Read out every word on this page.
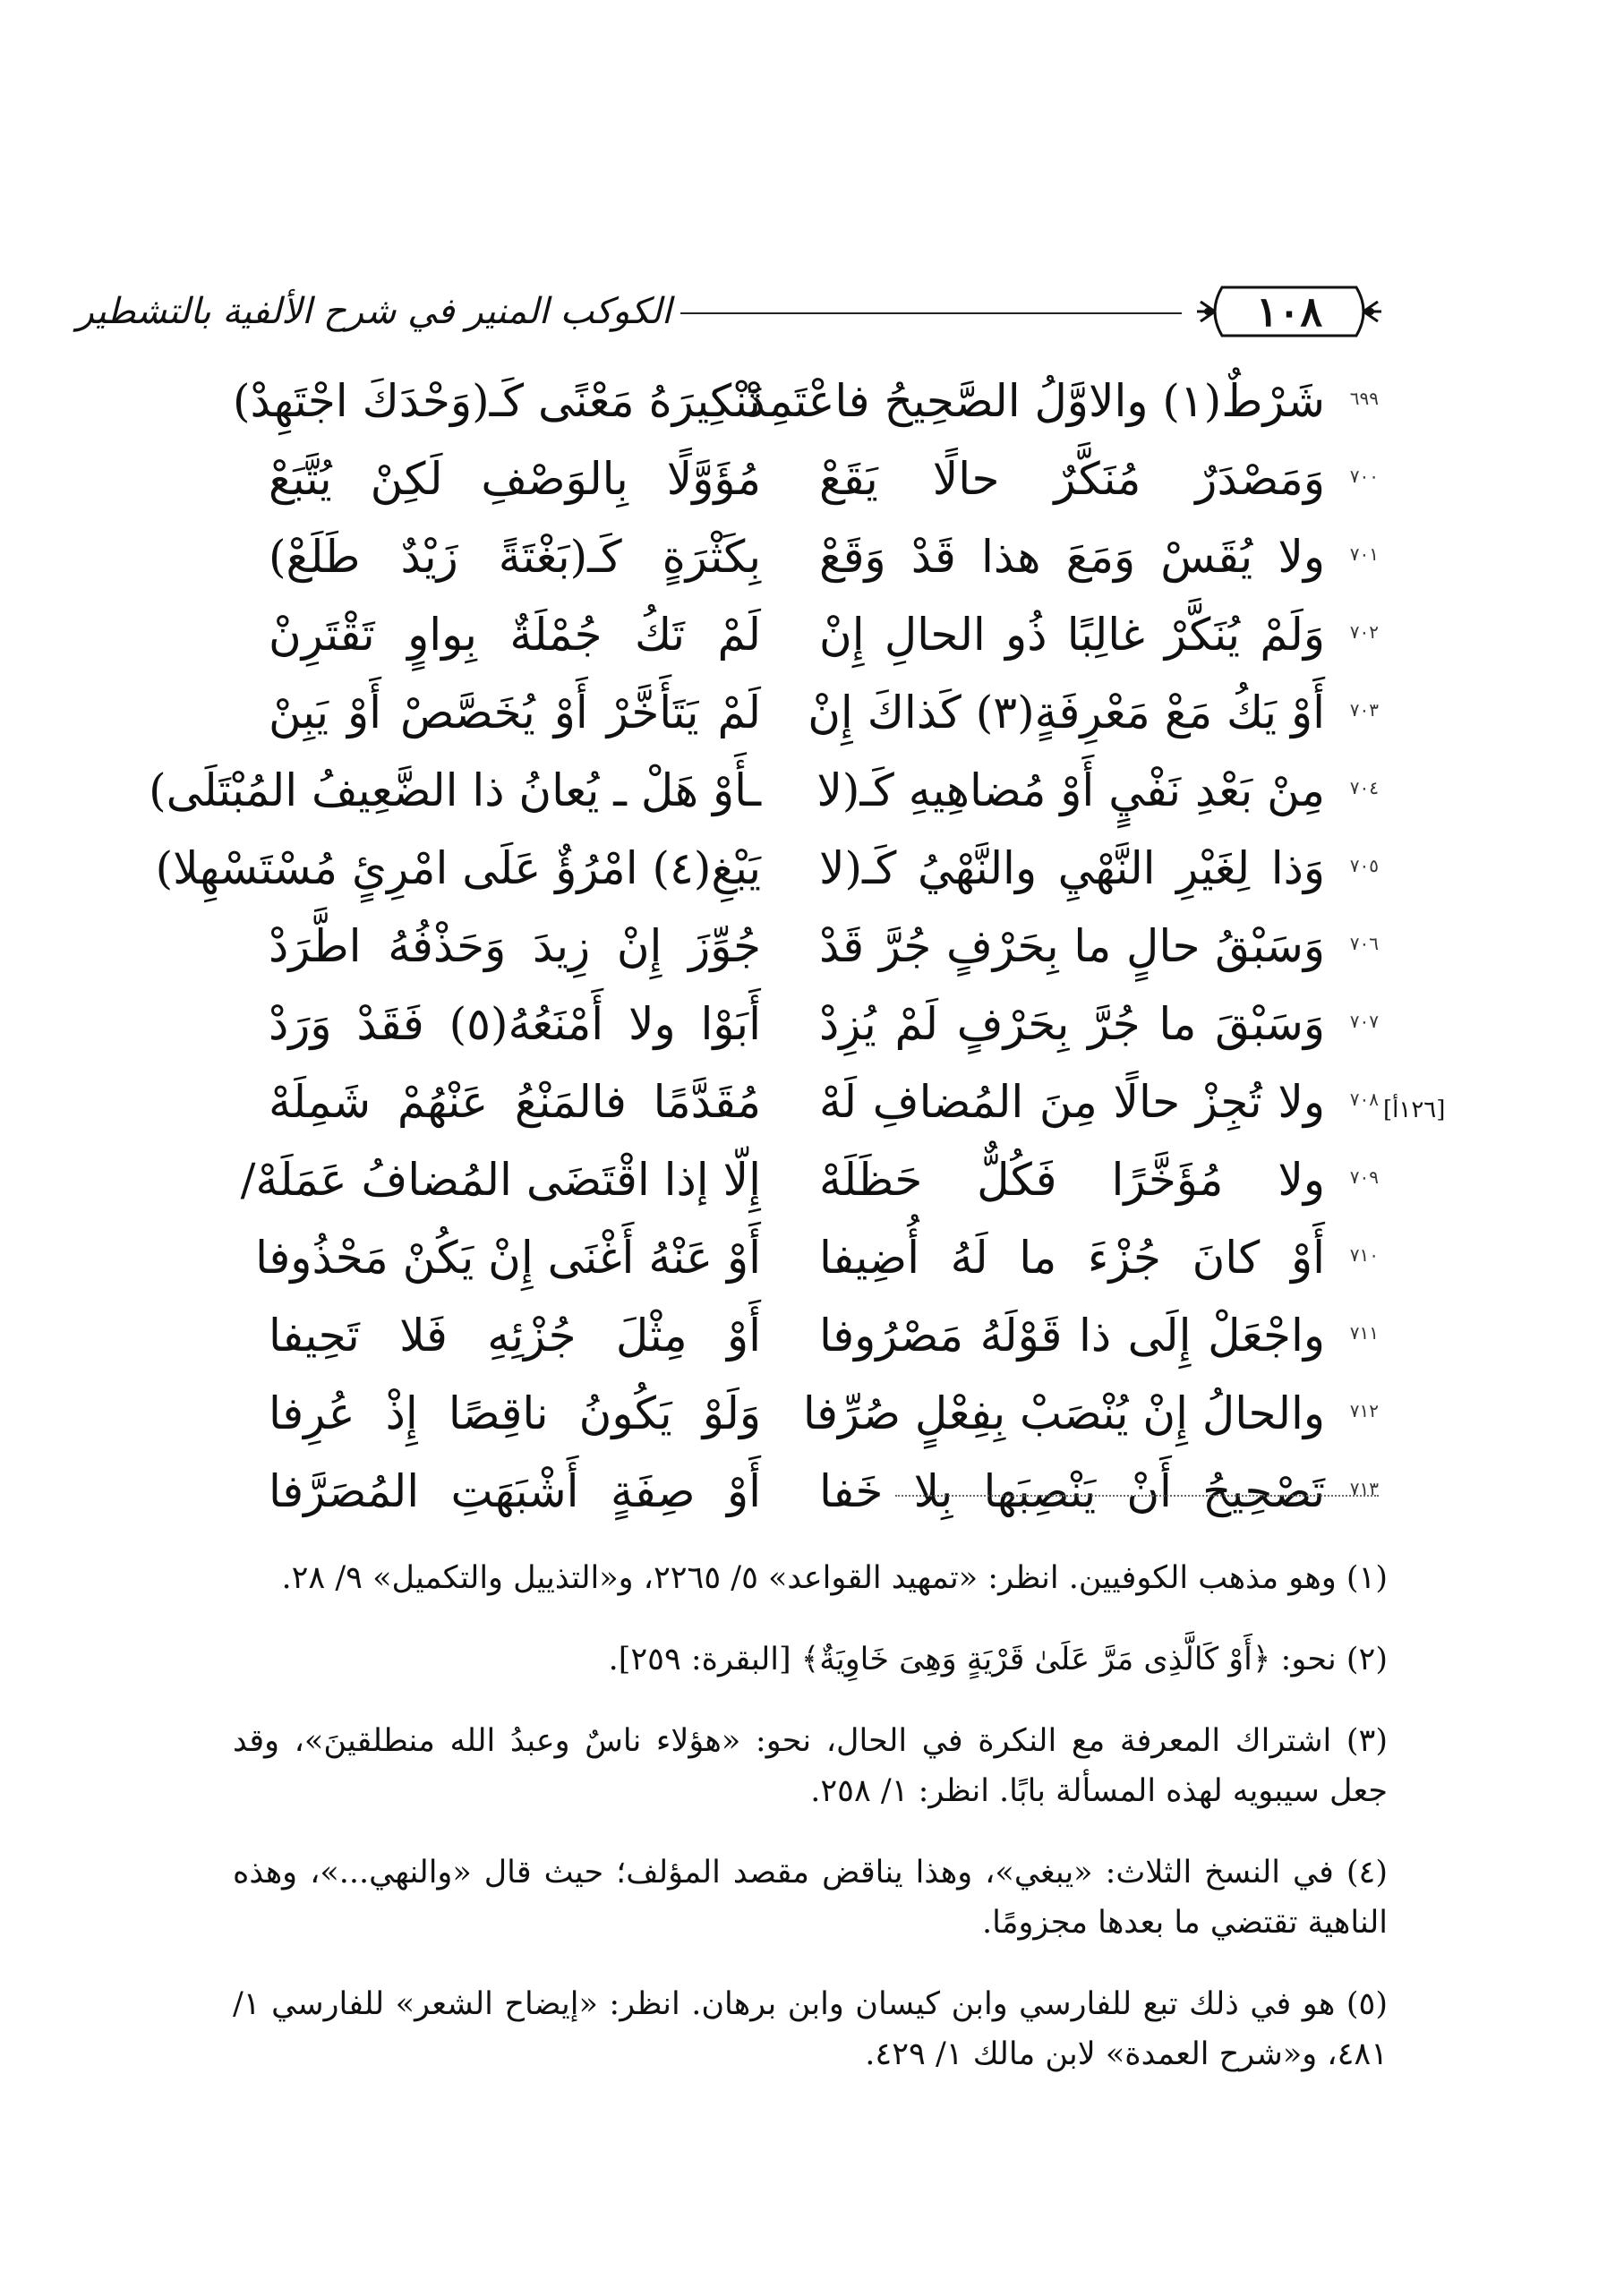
١٠٨
الكوكب المنير في شرح الألفية بالتشطير
٦٩٩
شَرْطٌ(١) والاوَّلُ الصَّحِيحُ فاعْتَمِدْ
تَنْكِيرَهُ مَعْنًى كَـ(وَحْدَكَ اجْتَهِدْ)
٧٠٠
وَمَصْدَرٌ مُنَكَّرٌ حالًا يَقَعْ
مُؤَوَّلًا بِالوَصْفِ لَكِنْ يُتَّبَعْ
٧٠١
ولا يُقَسْ وَمَعَ هذا قَدْ وَقَعْ
بِكَثْرَةٍ كَـ(بَغْتَةً زَيْدٌ طَلَعْ)
٧٠٢
وَلَمْ يُنَكَّرْ غالِبًا ذُو الحالِ إِنْ
لَمْ تَكُ جُمْلَةٌ بِواوٍ تَقْتَرِنْ
٧٠٣
أَوْ يَكُ مَعْ مَعْرِفَةٍ(٣) كَذاكَ إِنْ
لَمْ يَتَأَخَّرْ أَوْ يُخَصَّصْ أَوْ يَبِنْ
٧٠٤
مِنْ بَعْدِ نَفْيٍ أَوْ مُضاهِيهِ كَـ(لا
ـأَوْ هَلْ ـ يُعانُ ذا الضَّعِيفُ المُبْتَلَى)
٧٠٥
وَذا لِغَيْرِ النَّهْيِ والنَّهْيُ كَـ(لا
يَبْغِ(٤) امْرُؤٌ عَلَى امْرِئٍ مُسْتَسْهِلا)
٧٠٦
وَسَبْقُ حالٍ ما بِحَرْفٍ جُرَّ قَدْ
جُوِّزَ إِنْ زِيدَ وَحَذْفُهُ اطَّرَدْ
٧٠٧
وَسَبْقَ ما جُرَّ بِحَرْفٍ لَمْ يُزِدْ
أَبَوْا ولا أَمْنَعُهُ(٥) فَقَدْ وَرَدْ
٧٠٨
ولا تُجِزْ حالًا مِنَ المُضافِ لَهْ
مُقَدَّمًا فالمَنْعُ عَنْهُمْ شَمِلَهْ
٧٠٩
ولا مُؤَخَّرًا فَكُلٌّ حَظَلَهْ
إِلّا إذا اقْتَضَى المُضافُ عَمَلَهْ/
٧١٠
أَوْ كانَ جُزْءَ ما لَهُ أُضِيفا
أَوْ عَنْهُ أَغْنَى إِنْ يَكُنْ مَحْذُوفا
٧١١
واجْعَلْ إِلَى ذا قَوْلَهُ مَصْرُوفا
أَوْ مِثْلَ جُزْئِهِ فَلا تَحِيفا
٧١٢
والحالُ إِنْ يُنْصَبْ بِفِعْلٍ صُرِّفا
وَلَوْ يَكُونُ ناقِصًا إِذْ عُرِفا
٧١٣
تَصْحِيحُ أَنْ يَنْصِبَها بِلا خَفا
أَوْ صِفَةٍ أَشْبَهَتِ المُصَرَّفا
[١٢٦أ]

(١) وهو مذهب الكوفيين. انظر: «تمهيد القواعد» ٥/ ٢٢٦٥، و«التذييل والتكميل» ٩/ ٢٨.

(٢) نحو: ﴿أَوْ كَالَّذِى مَرَّ عَلَىٰ قَرْيَةٍ وَهِىَ خَاوِيَةٌ﴾ [البقرة: ٢٥٩].

(٣) اشتراك المعرفة مع النكرة في الحال، نحو: «هؤلاء ناسٌ وعبدُ الله منطلقينَ»، وقد جعل سيبويه لهذه المسألة بابًا. انظر: ١/ ٢٥٨.

(٤) في النسخ الثلاث: «يبغي»، وهذا يناقض مقصد المؤلف؛ حيث قال «والنهي...»، وهذه الناهية تقتضي ما بعدها مجزومًا.

(٥) هو في ذلك تبع للفارسي وابن كيسان وابن برهان. انظر: «إيضاح الشعر» للفارسي ١/ ٤٨١، و«شرح العمدة» لابن مالك ١/ ٤٢٩.
